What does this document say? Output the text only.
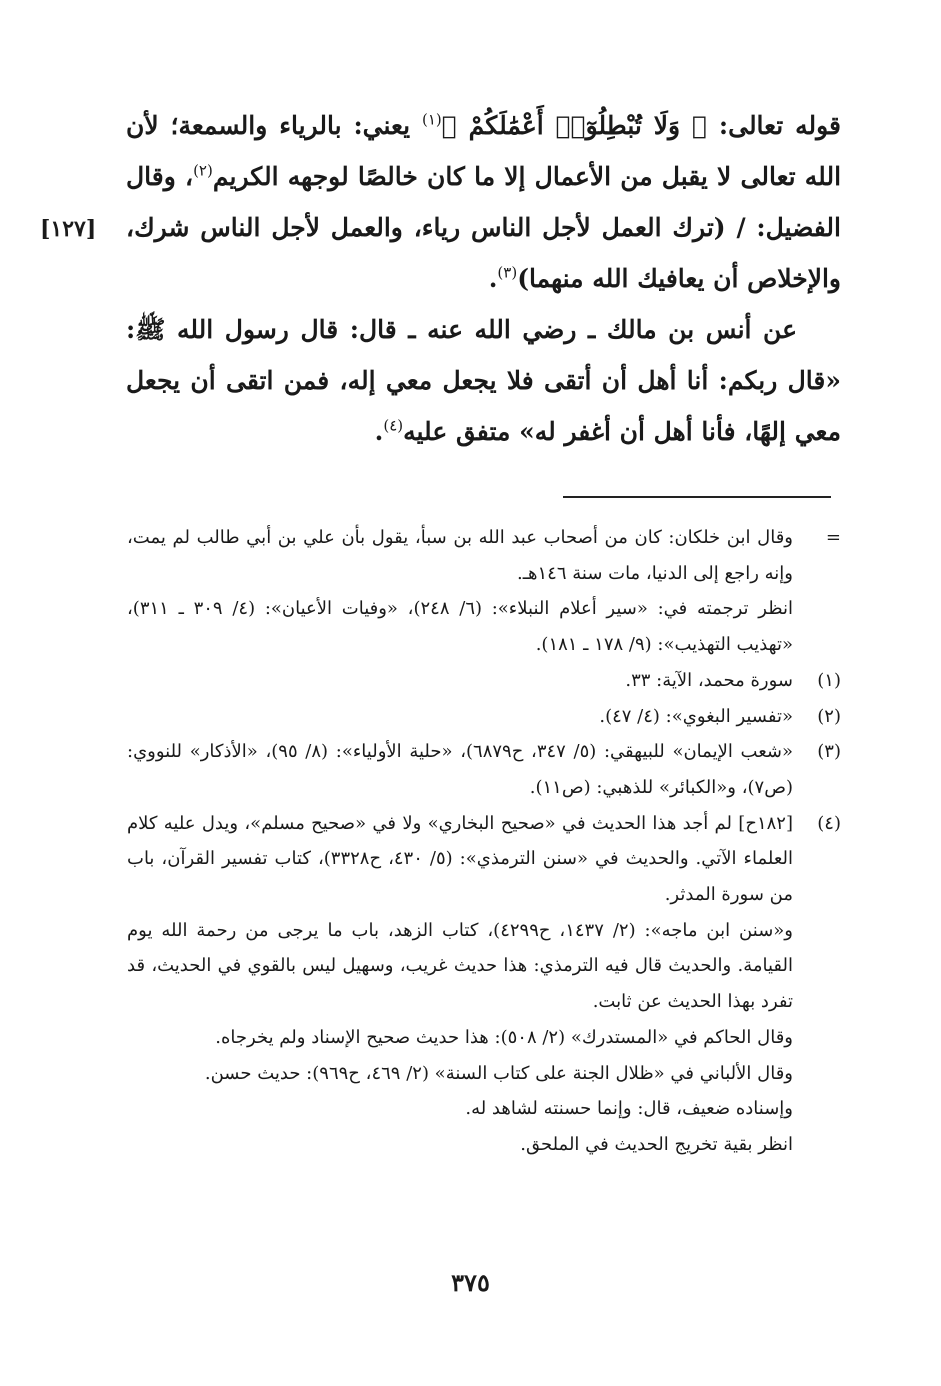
قوله تعالى: ﴿ وَلَا تُبْطِلُوٓا۟ أَعْمَٰلَكُمْ ﴾$^{(١)}$ يعني: بالرياء والسمعة؛ لأن الله تعالى لا يقبل من الأعمال إلا ما كان خالصًا لوجهه الكريم$^{(٢)}$، وقال الفضيل: / (ترك العمل لأجل الناس رياء، والعمل لأجل الناس شرك، والإخلاص أن يعافيك الله منهما)$^{(٣)}$.

عن أنس بن مالك ـ رضي الله عنه ـ قال: قال رسول الله ﷺ: «قال ربكم: أنا أهل أن أتقى فلا يجعل معي إله، فمن اتقى أن يجعل معي إلهًا، فأنا أهل أن أغفر له» متفق عليه$^{(٤)}$.

[١٢٧]
=
وقال ابن خلكان: كان من أصحاب عبد الله بن سبأ، يقول بأن علي بن أبي طالب لم يمت، وإنه راجع إلى الدنيا، مات سنة ١٤٦هـ.
انظر ترجمته في: «سير أعلام النبلاء»: (٦/ ٢٤٨)، «وفيات الأعيان»: (٤/ ٣٠٩ ـ ٣١١)، «تهذيب التهذيب»: (٩/ ١٧٨ ـ ١٨١).
(١)
سورة محمد، الآية: ٣٣.
(٢)
«تفسير البغوي»: (٤/ ٤٧).
(٣)
«شعب الإيمان» للبيهقي: (٥/ ٣٤٧، ح٦٨٧٩)، «حلية الأولياء»: (٨/ ٩٥)، «الأذكار» للنووي: (ص٧)، و«الكبائر» للذهبي: (ص١١).
(٤)
[١٨٢ح] لم أجد هذا الحديث في «صحيح البخاري» ولا في «صحيح مسلم»، ويدل عليه كلام العلماء الآتي. والحديث في «سنن الترمذي»: (٥/ ٤٣٠، ح٣٣٢٨)، كتاب تفسير القرآن، باب من سورة المدثر.
و«سنن ابن ماجه»: (٢/ ١٤٣٧، ح٤٢٩٩)، كتاب الزهد، باب ما يرجى من رحمة الله يوم القيامة. والحديث قال فيه الترمذي: هذا حديث غريب، وسهيل ليس بالقوي في الحديث، قد تفرد بهذا الحديث عن ثابت.
وقال الحاكم في «المستدرك» (٢/ ٥٠٨): هذا حديث صحيح الإسناد ولم يخرجاه.
وقال الألباني في «ظلال الجنة على كتاب السنة» (٢/ ٤٦٩، ح٩٦٩): حديث حسن.
وإسناده ضعيف، قال: وإنما حسنته لشاهد له.
انظر بقية تخريج الحديث في الملحق.
٣٧٥
